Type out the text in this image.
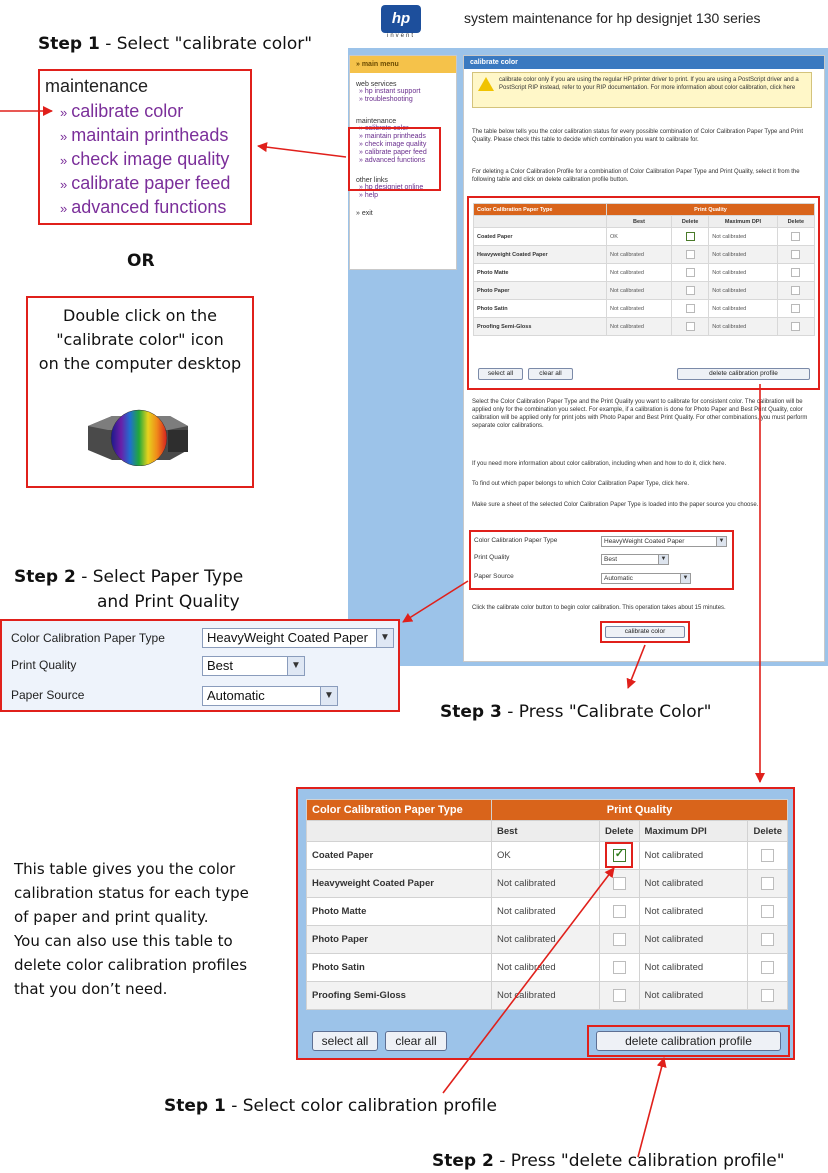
hp
invent
system maintenance for hp designjet 130 series
» main menu
web services
» hp instant support
» troubleshooting
maintenance
» calibrate color
» maintain printheads
» check image quality
» calibrate paper feed
» advanced functions
other links
» hp designjet online
» help
» exit
calibrate color
calibrate color only if you are using the regular HP printer driver to print. If you are using a PostScript driver and a PostScript RIP instead, refer to your RIP documentation. For more information about color calibration, click here
The table below tells you the color calibration status for every possible combination of Color Calibration Paper Type and Print Quality. Please check this table to decide which combination you want to calibrate for.
For deleting a Color Calibration Profile for a combination of Color Calibration Paper Type and Print Quality, select it from the following table and click on delete calibration profile button.
Color Calibration Paper Type	Print Quality			
	Best	Delete	Maximum DPI	Delete
Coated Paper	OK		Not calibrated	
Heavyweight Coated Paper	Not calibrated		Not calibrated	
Photo Matte	Not calibrated		Not calibrated	
Photo Paper	Not calibrated		Not calibrated	
Photo Satin	Not calibrated		Not calibrated	
Proofing Semi-Gloss	Not calibrated		Not calibrated	
select all	clear all	delete calibration profile
Select the Color Calibration Paper Type and the Print Quality you want to calibrate for consistent color. The calibration will be applied only for the combination you select. For example, if a calibration is done for Photo Paper and Best Print Quality, color calibration will be applied only for print jobs with Photo Paper and Best Print Quality. For other combinations, you must perform separate color calibrations.
If you need more information about color calibration, including when and how to do it, click here.
To find out which paper belongs to which Color Calibration Paper Type, click here.
Make sure a sheet of the selected Color Calibration Paper Type is loaded into the paper source you choose.
Color Calibration Paper Type	HeavyWeight Coated Paper	▼
Print Quality	Best	▼
Paper Source	Automatic	▼
Click the calibrate color button to begin color calibration. This operation takes about 15 minutes.
calibrate color
Step 1 - Select "calibrate color"
maintenance
» calibrate color
» maintain printheads
» check image quality
» calibrate paper feed
» advanced functions
OR
Double click on the
"calibrate color" icon
on the computer desktop
Step 2 - Select Paper Type
and Print Quality
Color Calibration Paper Type	HeavyWeight Coated Paper	▼
Print Quality	Best	▼
Paper Source	Automatic	▼
Step 3 - Press "Calibrate Color"
Color Calibration Paper Type	Print Quality			
	Best	Delete	Maximum DPI	Delete
Coated Paper	OK	✓	Not calibrated	
Heavyweight Coated Paper	Not calibrated		Not calibrated	
Photo Matte	Not calibrated		Not calibrated	
Photo Paper	Not calibrated		Not calibrated	
Photo Satin	Not calibrated		Not calibrated	
Proofing Semi-Gloss	Not calibrated		Not calibrated	
select all	clear all	delete calibration profile
This table gives you the color
calibration status for each type
of paper and print quality.
You can also use this table to
delete color calibration profiles
that you don’t need.
Step 1 - Select color calibration profile
Step 2 - Press "delete calibration profile"
